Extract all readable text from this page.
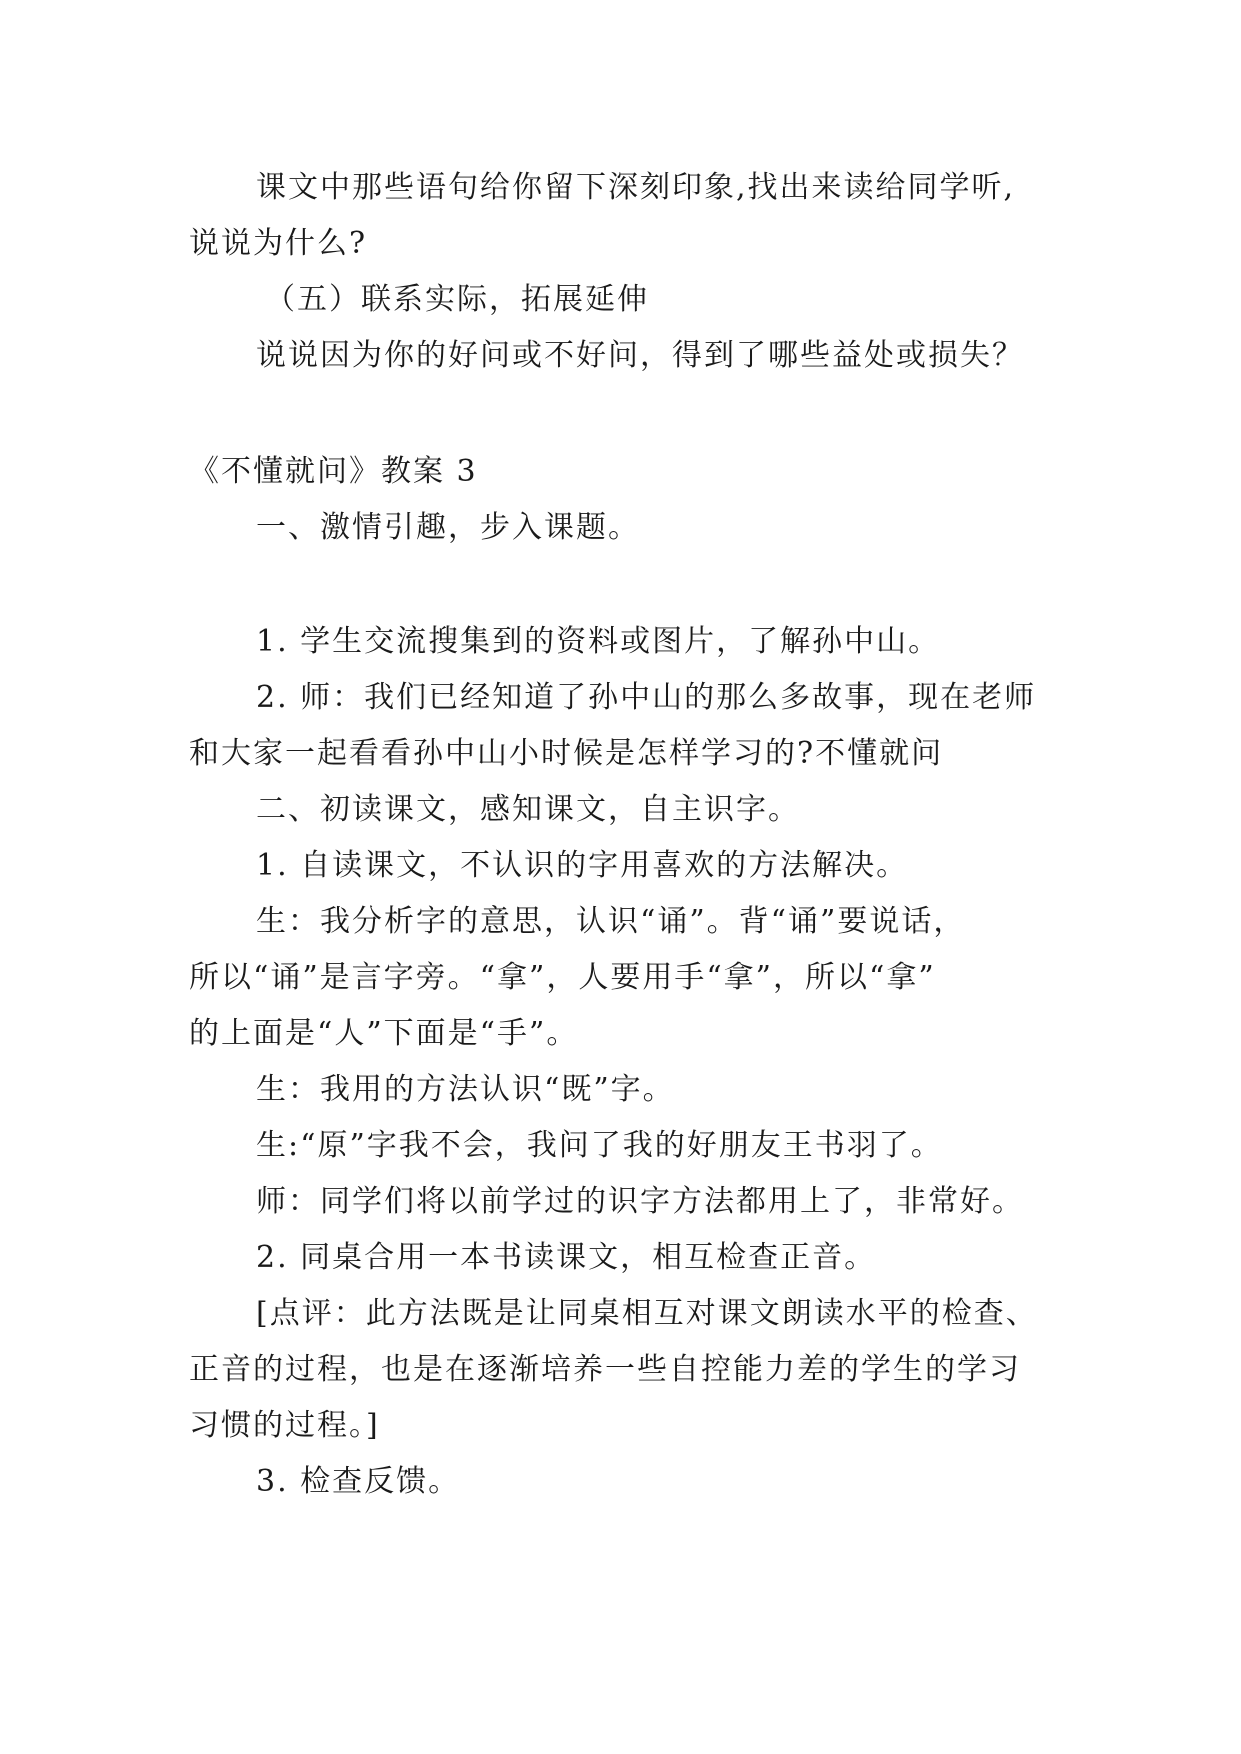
课文中那些语句给你留下深刻印象,找出来读给同学听,
说说为什么?
（五）联系实际，拓展延伸
说说因为你的好问或不好问，得到了哪些益处或损失？
《不懂就问》教案 3
一、激情引趣，步入课题。
1. 学生交流搜集到的资料或图片，了解孙中山。
2. 师：我们已经知道了孙中山的那么多故事，现在老师
和大家一起看看孙中山小时候是怎样学习的?不懂就问
二、初读课文，感知课文，自主识字。
1. 自读课文，不认识的字用喜欢的方法解决。
生：我分析字的意思，认识“诵”。背“诵”要说话，
所以“诵”是言字旁。“拿”，人要用手“拿”，所以“拿”
的上面是“人”下面是“手”。
生：我用的方法认识“既”字。
生:“原”字我不会，我问了我的好朋友王书羽了。
师：同学们将以前学过的识字方法都用上了，非常好。
2. 同桌合用一本书读课文，相互检查正音。
[点评：此方法既是让同桌相互对课文朗读水平的检查、
正音的过程，也是在逐渐培养一些自控能力差的学生的学习
习惯的过程。]
3. 检查反馈。
